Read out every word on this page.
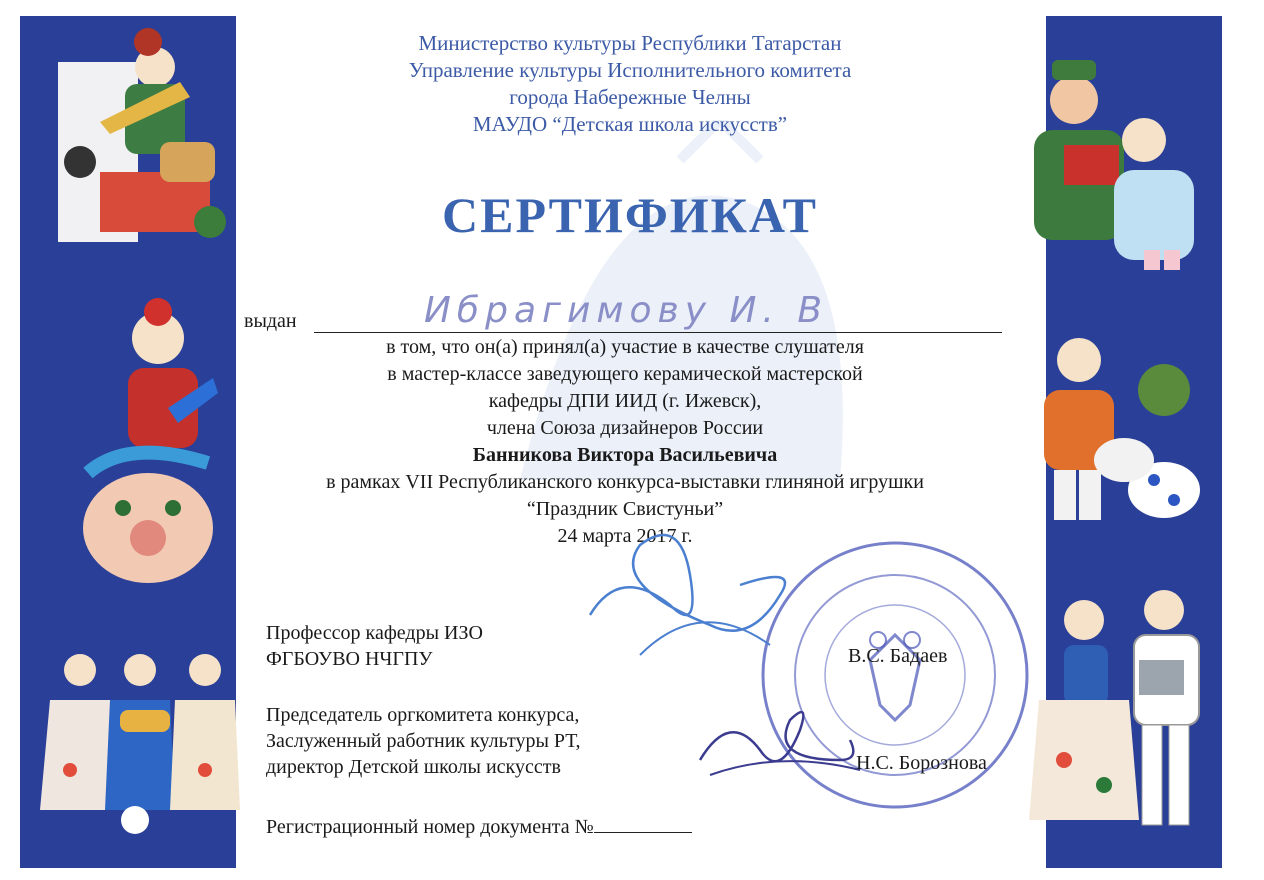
Министерство культуры Республики Татарстан
Управление культуры Исполнительного комитета
города Набережные Челны
МАУДО “Детская школа искусств”
СЕРТИФИКАТ
выдан	Ибрагимову И. В
в том, что он(а) принял(а) участие в качестве слушателя
в мастер-классе заведующего керамической мастерской
кафедры ДПИ ИИД (г. Ижевск),
члена Союза дизайнеров России
Банникова Виктора Васильевича
в рамках VII Республиканского конкурса-выставки глиняной игрушки
“Праздник Свистуньи”
24 марта 2017 г.
Профессор кафедры ИЗО
ФГБОУВО НЧГПУ	В.С. Бадаев
Председатель оргкомитета конкурса,
Заслуженный работник культуры РТ,
директор Детской школы искусств	Н.С. Борознова
Регистрационный номер документа №
